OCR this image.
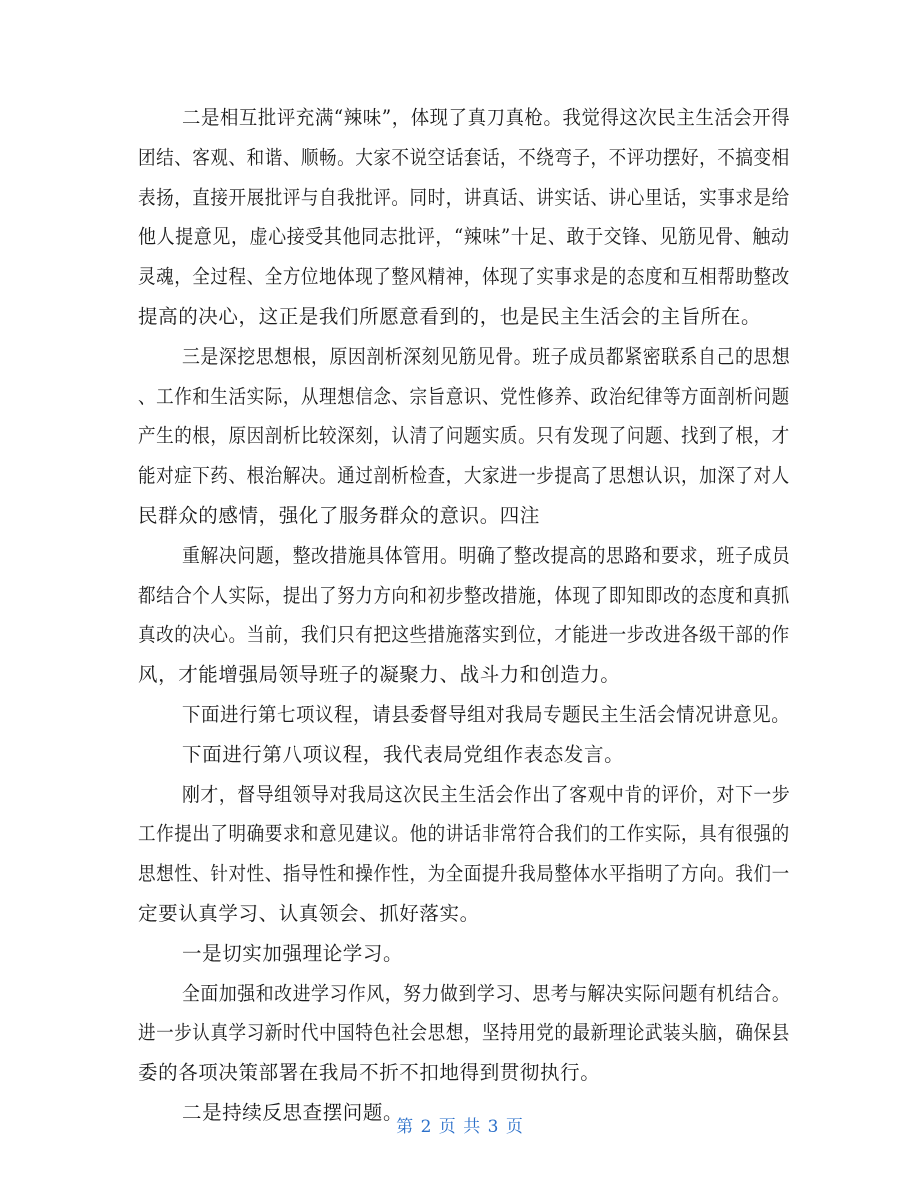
二是相互批评充满“辣味”，体现了真刀真枪。我觉得这次民主生活会开得
团结、客观、和谐、顺畅。大家不说空话套话，不绕弯子，不评功摆好，不搞变相
表扬，直接开展批评与自我批评。同时，讲真话、讲实话、讲心里话，实事求是给
他人提意见，虚心接受其他同志批评，“辣味”十足、敢于交锋、见筋见骨、触动
灵魂，全过程、全方位地体现了整风精神，体现了实事求是的态度和互相帮助整改
提高的决心，这正是我们所愿意看到的，也是民主生活会的主旨所在。
三是深挖思想根，原因剖析深刻见筋见骨。班子成员都紧密联系自己的思想
、工作和生活实际，从理想信念、宗旨意识、党性修养、政治纪律等方面剖析问题
产生的根，原因剖析比较深刻，认清了问题实质。只有发现了问题、找到了根，才
能对症下药、根治解决。通过剖析检查，大家进一步提高了思想认识，加深了对人
民群众的感情，强化了服务群众的意识。四注
重解决问题，整改措施具体管用。明确了整改提高的思路和要求，班子成员
都结合个人实际，提出了努力方向和初步整改措施，体现了即知即改的态度和真抓
真改的决心。当前，我们只有把这些措施落实到位，才能进一步改进各级干部的作
风，才能增强局领导班子的凝聚力、战斗力和创造力。
下面进行第七项议程，请县委督导组对我局专题民主生活会情况讲意见。
下面进行第八项议程，我代表局党组作表态发言。
刚才，督导组领导对我局这次民主生活会作出了客观中肯的评价，对下一步
工作提出了明确要求和意见建议。他的讲话非常符合我们的工作实际，具有很强的
思想性、针对性、指导性和操作性，为全面提升我局整体水平指明了方向。我们一
定要认真学习、认真领会、抓好落实。
一是切实加强理论学习。
全面加强和改进学习作风，努力做到学习、思考与解决实际问题有机结合。
进一步认真学习新时代中国特色社会思想，坚持用党的最新理论武装头脑，确保县
委的各项决策部署在我局不折不扣地得到贯彻执行。
二是持续反思查摆问题。
第 2 页 共 3 页
